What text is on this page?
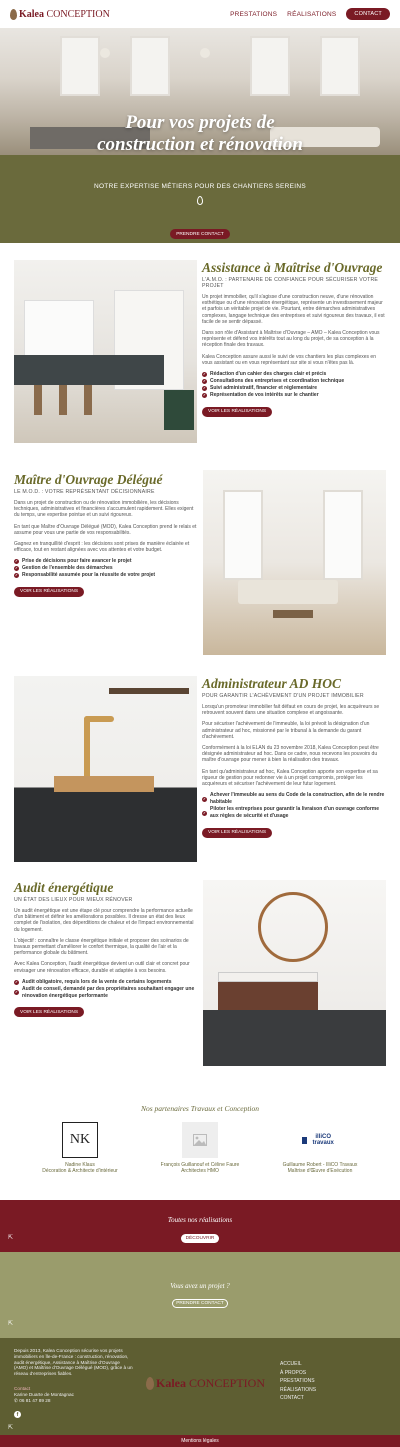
Kalea CONCEPTION	PRESTATIONS RÉALISATIONS	CONTACT
Pour vos projets de
construction et rénovation
NOTRE EXPERTISE MÉTIERS POUR DES CHANTIERS SEREINS
PRENDRE CONTACT
Assistance à Maîtrise d'Ouvrage
L'A.M.O. : PARTENAIRE DE CONFIANCE POUR SÉCURISER VOTRE PROJET

Un projet immobilier, qu'il s'agisse d'une construction neuve, d'une rénovation esthétique ou d'une rénovation énergétique, représente un investissement majeur et parfois un véritable projet de vie. Pourtant, entre démarches administratives complexes, langage technique des entreprises et suivi rigoureux des travaux, il est facile de se sentir dépassé.

Dans son rôle d'Assistant à Maîtrise d'Ouvrage – AMO – Kalea Conception vous représente et défend vos intérêts tout au long du projet, de sa conception à la réception finale des travaux.

Kalea Conception assure aussi le suivi de vos chantiers les plus complexes en vous assistant ou en vous représentant sur site si vous n'êtes pas là.

✓ Rédaction d'un cahier des charges clair et précis
✓ Consultations des entreprises et coordination technique
✓ Suivi administratif, financier et réglementaire
✓ Représentation de vos intérêts sur le chantier
VOIR LES RÉALISATIONS
Maître d'Ouvrage Délégué
LE M.O.D. : VOTRE REPRÉSENTANT DÉCISIONNAIRE

Dans un projet de construction ou de rénovation immobilière, les décisions techniques, administratives et financières s'accumulent rapidement. Elles exigent du temps, une expertise pointue et un suivi rigoureux.

En tant que Maître d'Ouvrage Délégué (MOD), Kalea Conception prend le relais et assume pour vous une partie de vos responsabilités.

Gagnez en tranquillité d'esprit : les décisions sont prises de manière éclairée et efficace, tout en restant alignées avec vos attentes et votre budget.

✓ Prise de décisions pour faire avancer le projet
✓ Gestion de l'ensemble des démarches
✓ Responsabilité assumée pour la réussite de votre projet
VOIR LES RÉALISATIONS
Administrateur AD HOC
POUR GARANTIR L'ACHÈVEMENT D'UN PROJET IMMOBILIER

Lorsqu'un promoteur immobilier fait défaut en cours de projet, les acquéreurs se retrouvent souvent dans une situation complexe et angoissante.

Pour sécuriser l'achèvement de l'immeuble, la loi prévoit la désignation d'un administrateur ad hoc, missionné par le tribunal à la demande du garant d'achèvement.

Conformément à la loi ELAN du 23 novembre 2018, Kalea Conception peut être désignée administrateur ad hoc. Dans ce cadre, nous recevons les pouvoirs du maître d'ouvrage pour mener à bien la réalisation des travaux.

En tant qu'administrateur ad hoc, Kalea Conception apporte son expertise et sa rigueur de gestion pour redonner vie à un projet compromis, protéger les acquéreurs et sécuriser l'achèvement de leur futur logement.

✓
Achever l'immeuble au sens du Code de la construction, afin de le rendre habitable
✓
Piloter les entreprises pour garantir la livraison d'un ouvrage conforme aux règles de sécurité et d'usage
VOIR LES RÉALISATIONS
Audit énergétique
UN ÉTAT DES LIEUX POUR MIEUX RÉNOVER

Un audit énergétique est une étape clé pour comprendre la performance actuelle d'un bâtiment et définir les améliorations possibles. Il dresse un état des lieux complet de l'isolation, des déperditions de chaleur et de l'impact environnemental du logement.

L'objectif : connaître le classe énergétique initiale et proposer des scénarios de travaux permettant d'améliorer le confort thermique, la qualité de l'air et la performance globale du bâtiment.

Avec Kalea Conception, l'audit énergétique devient un outil clair et concret pour envisager une rénovation efficace, durable et adaptée à vos besoins.

✓ Audit obligatoire, requis lors de la vente de certains logements
✓
Audit de conseil, demandé par des propriétaires souhaitant engager une rénovation énergétique performante
VOIR LES RÉALISATIONS
Nos partenaires Travaux et Conception
NK
Nadine Klaus
Décoration & Architecte d'intérieur
François Guillanouf et Céline Faure
Architectes HMO
illiCO travaux
Guillaume Robert - IlliCO Travaux
Maîtrise d'Œuvre d'Exécution
⇱
Toutes nos réalisations
DÉCOUVRIR
⇱
Vous avez un projet ?
PRENDRE CONTACT

Depuis 2013, Kalea Conception sécurise vos projets immobiliers en Île-de-France : construction, rénovation, audit énergétique, Assistance à Maîtrise d'Ouvrage (AMO) et Maîtrise d'Ouvrage Délégué (MOD), grâce à un réseau d'entreprises fiables.

Contact
Karine Duarte de Montagnac
✆ 06 81 47 89 28
f
Kalea CONCEPTION
ACCUEIL
À PROPOS
PRESTATIONS
RÉALISATIONS
CONTACT
⇱
Mentions légales
